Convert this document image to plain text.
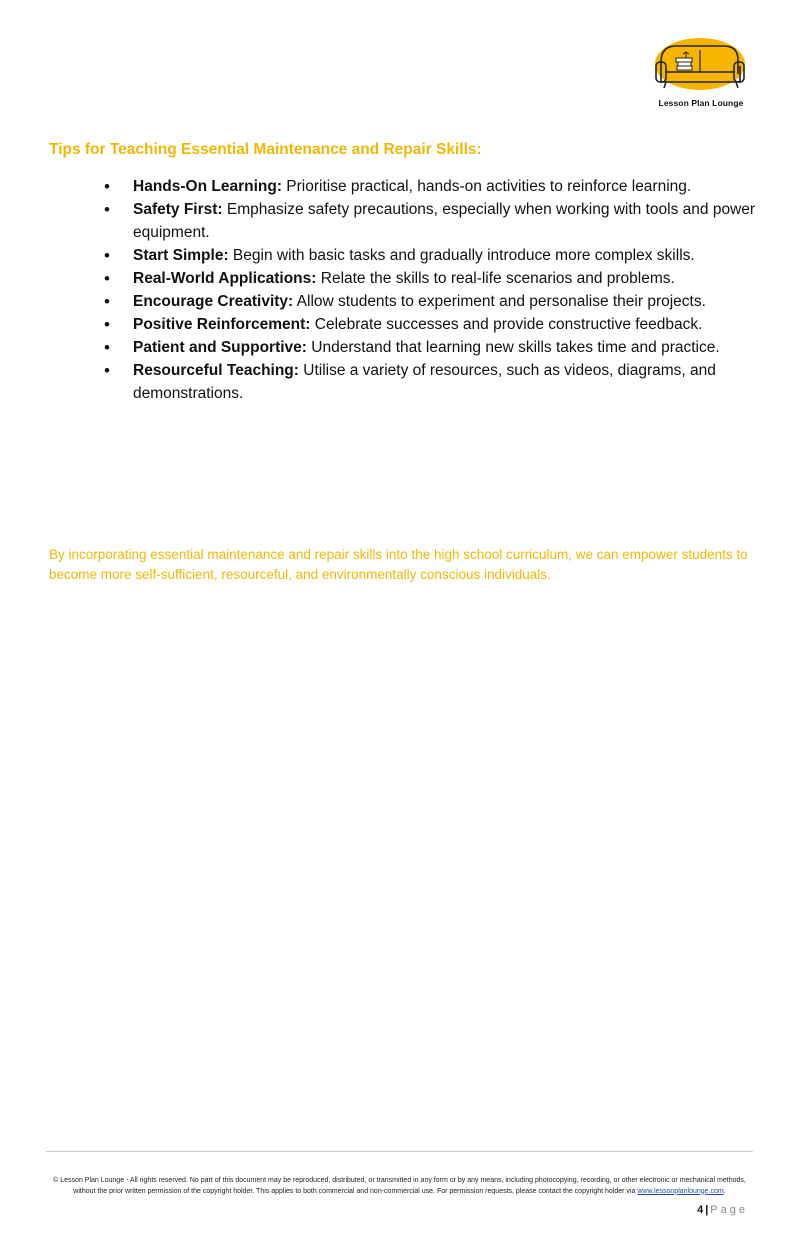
Lesson Plan Lounge
Tips for Teaching Essential Maintenance and Repair Skills:
• Hands-On Learning: Prioritise practical, hands-on activities to reinforce learning.
• Safety First: Emphasize safety precautions, especially when working with tools and power equipment.
• Start Simple: Begin with basic tasks and gradually introduce more complex skills.
• Real-World Applications: Relate the skills to real-life scenarios and problems.
• Encourage Creativity: Allow students to experiment and personalise their projects.
• Positive Reinforcement: Celebrate successes and provide constructive feedback.
• Patient and Supportive: Understand that learning new skills takes time and practice.
• Resourceful Teaching: Utilise a variety of resources, such as videos, diagrams, and demonstrations.

By incorporating essential maintenance and repair skills into the high school curriculum, we can empower students to become more self-sufficient, resourceful, and environmentally conscious individuals.

© Lesson Plan Lounge - All rights reserved. No part of this document may be reproduced, distributed, or transmitted in any form or by any means, including photocopying, recording, or other electronic or mechanical methods, without the prior written permission of the copyright holder. This applies to both commercial and non-commercial use. For permission requests, please contact the copyright holder via www.lessonplanlounge.com.
4 | Page
